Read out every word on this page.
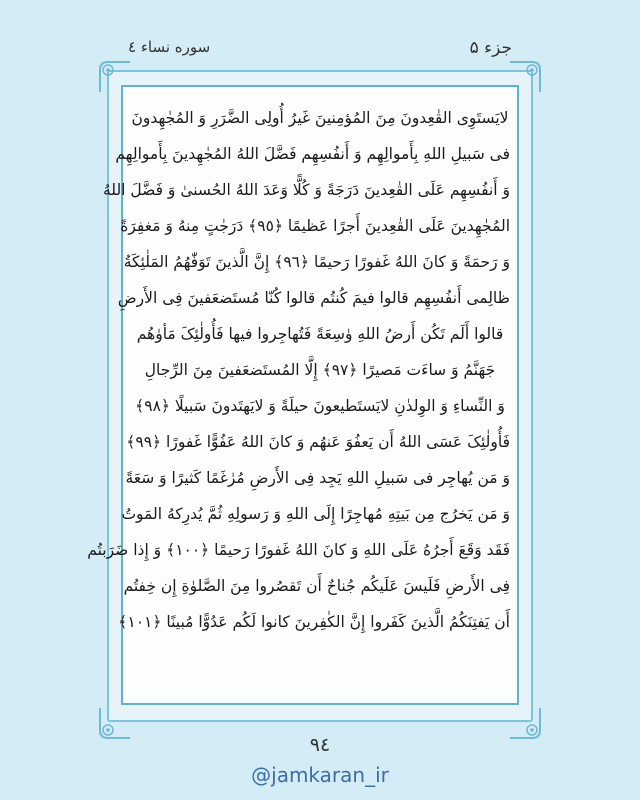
جزء ۵
سوره نساء ٤
لایَستَوِی القٰعِدونَ مِنَ المُؤمِنینَ غَیرُ أُولِی الضَّرَرِ وَ المُجٰهِدونَ
فی سَبیلِ اللهِ بِأَموالِهِم وَ أَنفُسِهِم فَضَّلَ اللهُ المُجٰهِدینَ بِأَموالِهِم
وَ أَنفُسِهِم عَلَی القٰعِدینَ دَرَجَةً وَ کُلًّا وَعَدَ اللهُ الحُسنیٰ وَ فَضَّلَ اللهُ
المُجٰهِدینَ عَلَی القٰعِدینَ أَجرًا عَظیمًا ﴿٩٥﴾ دَرَجٰتٍ مِنهُ وَ مَغفِرَةً
وَ رَحمَةً وَ کانَ اللهُ غَفورًا رَحیمًا ﴿٩٦﴾ إِنَّ الَّذینَ تَوَفّٰهُمُ المَلٰئِکَةُ
ظالِمی أَنفُسِهِم قالوا فیمَ کُنتُم قالوا کُنّا مُستَضعَفینَ فِی الأَرضِ
قالوا أَلَم تَکُن أَرضُ اللهِ وٰسِعَةً فَتُهاجِروا فیها فَأُولٰئِکَ مَأوٰهُم
جَهَنَّمُ وَ ساءَت مَصیرًا ﴿٩٧﴾ إِلَّا المُستَضعَفینَ مِنَ الرِّجالِ
وَ النِّساءِ وَ الوِلدٰنِ لایَستَطیعونَ حیلَةً وَ لایَهتَدونَ سَبیلًا ﴿٩٨﴾
فَأُولٰئِکَ عَسَی اللهُ أَن یَعفُوَ عَنهُم وَ کانَ اللهُ عَفُوًّا غَفورًا ﴿٩٩﴾
وَ مَن یُهاجِر فی سَبیلِ اللهِ یَجِد فِی الأَرضِ مُرٰغَمًا کَثیرًا وَ سَعَةً
وَ مَن یَخرُج مِن بَیتِهِ مُهاجِرًا إِلَی اللهِ وَ رَسولِهِ ثُمَّ یُدرِکهُ المَوتُ
فَقَد وَقَعَ أَجرُهُ عَلَی اللهِ وَ کانَ اللهُ غَفورًا رَحیمًا ﴿١٠٠﴾ وَ إِذا ضَرَبتُم
فِی الأَرضِ فَلَیسَ عَلَیکُم جُناحٌ أَن تَقصُروا مِنَ الصَّلوٰةِ إِن خِفتُم
أَن یَفتِنَکُمُ الَّذینَ کَفَروا إِنَّ الکٰفِرینَ کانوا لَکُم عَدُوًّا مُبینًا ﴿١٠١﴾
٩٤
@jamkaran_ir
